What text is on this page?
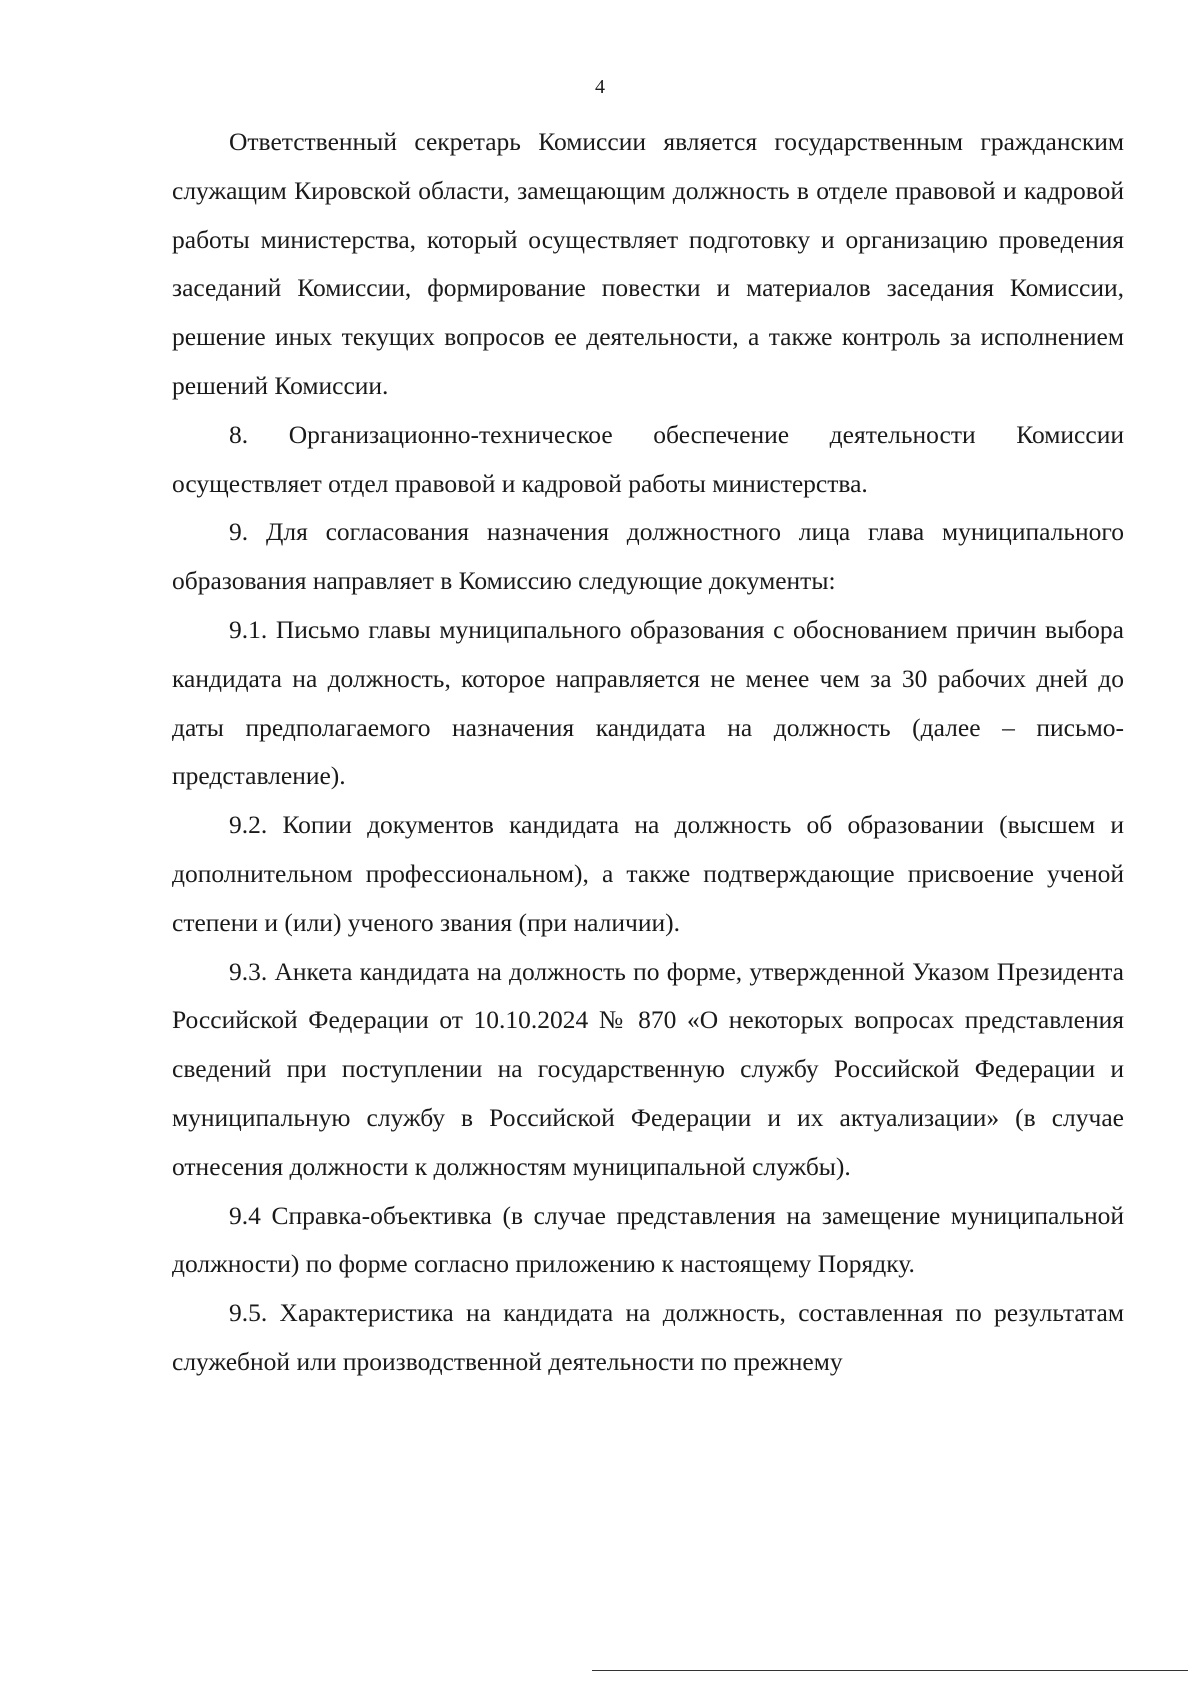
4

Ответственный секретарь Комиссии является государственным гражданским служащим Кировской области, замещающим должность в отделе правовой и кадровой работы министерства, который осуществляет подготовку и организацию проведения заседаний Комиссии, формирование повестки и материалов заседания Комиссии, решение иных текущих вопросов ее деятельности, а также контроль за исполнением решений Комиссии.

8. Организационно-техническое обеспечение деятельности Комиссии осуществляет отдел правовой и кадровой работы министерства.

9. Для согласования назначения должностного лица глава муниципального образования направляет в Комиссию следующие документы:

9.1. Письмо главы муниципального образования с обоснованием причин выбора кандидата на должность, которое направляется не менее чем за 30 рабочих дней до даты предполагаемого назначения кандидата на должность (далее – письмо-представление).

9.2. Копии документов кандидата на должность об образовании (высшем и дополнительном профессиональном), а также подтверждающие присвоение ученой степени и (или) ученого звания (при наличии).

9.3. Анкета кандидата на должность по форме, утвержденной Указом Президента Российской Федерации от 10.10.2024 № 870 «О некоторых вопросах представления сведений при поступлении на государственную службу Российской Федерации и муниципальную службу в Российской Федерации и их актуализации» (в случае отнесения должности к должностям муниципальной службы).

9.4 Справка-объективка (в случае представления на замещение муниципальной должности) по форме согласно приложению к настоящему Порядку.

9.5. Характеристика на кандидата на должность, составленная по результатам служебной или производственной деятельности по прежнему
